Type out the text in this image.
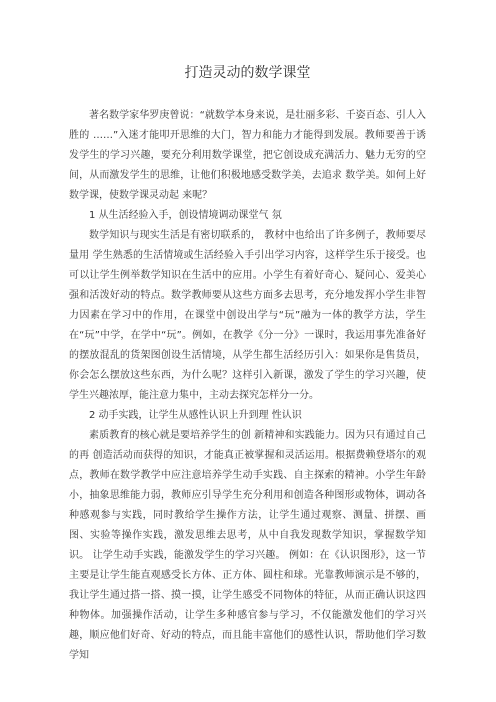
打造灵动的数学课堂

著名数学家华罗庚曾说：“就数学本身来说，是壮丽多彩、千姿百态、引人入胜的 ……”入迷才能叩开思维的大门，智力和能力才能得到发展。教师要善于诱发学生的学习兴趣，要充分利用数学课堂，把它创设成充满活力、魅力无穷的空间，从而激发学生的思维，让他们积极地感受数学美，去追求 数学美。如何上好数学课，使数学课灵动起 来呢？

1 从生活经验入手，创设情境调动课堂气 氛

数学知识与现实生活是有密切联系的， 教材中也给出了许多例子，教师要尽量用 学生熟悉的生活情境或生活经验入手引出学习内容，这样学生乐于接受。也可以让学生例举数学知识在生活中的应用。小学生有着好奇心、疑问心、爱美心强和活泼好动的特点。数学教师要从这些方面多去思考，充分地发挥小学生非智力因素在学习中的作用，在课堂中创设出学与“玩”融为一体的教学方法，学生在“玩”中学，在学中“玩”。例如，在教学《分一分》一课时，我运用事先准备好的摆放混乱的货架图创设生活情境，从学生都生活经历引入：如果你是售货员，你会怎么摆放这些东西，为什么呢？这样引入新课，激发了学生的学习兴趣，使学生兴趣浓厚，能注意力集中，主动去探究怎样分一分。

2 动手实践，让学生从感性认识上升到理 性认识

素质教育的核心就是要培养学生的创 新精神和实践能力。因为只有通过自己的再 创造活动而获得的知识，才能真正被掌握和灵活运用。根据费赖登塔尔的观点，教师在数学教学中应注意培养学生动手实践、自主探索的精神。小学生年龄小，抽象思维能力弱，教师应引导学生充分利用和创造各种图形或物体，调动各种感观参与实践，同时教给学生操作方法，让学生通过观察、测量、拼摆、画图、实验等操作实践，激发思维去思考，从中自我发现数学知识，掌握数学知识。 让学生动手实践，能激发学生的学习兴趣。 例如：在《认识图形》，这一节主要是让学生能直观感受长方体、正方体、圆柱和球。光靠教师演示是不够的，我让学生通过搭一搭、摸一摸，让学生感受不同物体的特征，从而正确认识这四种物体。加强操作活动，让学生多种感官参与学习，不仅能激发他们的学习兴趣，顺应他们好奇、好动的特点，而且能丰富他们的感性认识，帮助他们学习数学知
